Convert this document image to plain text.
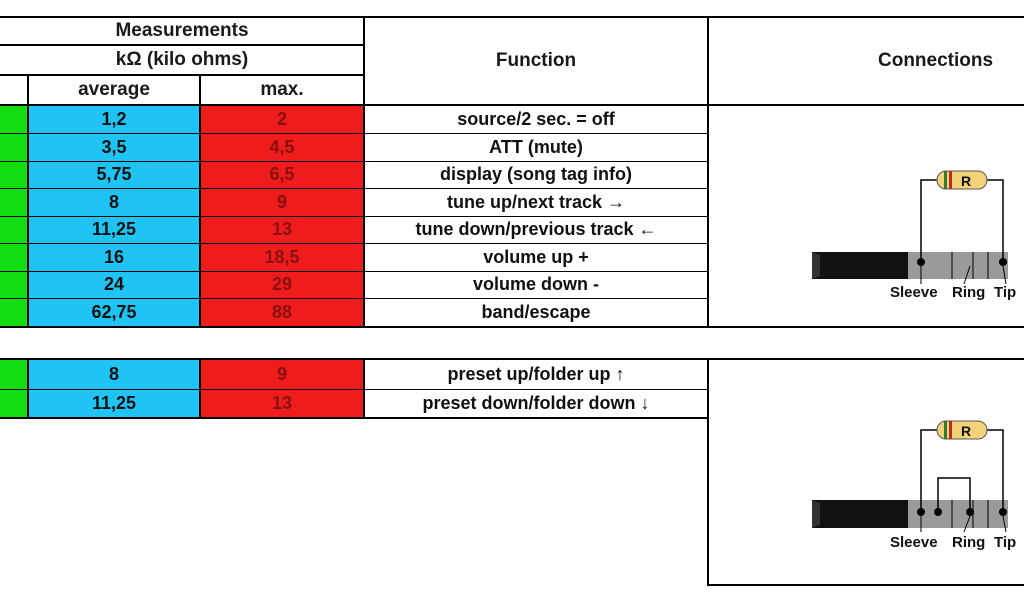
Measurements
kΩ (kilo ohms)
average	max.
Function	Connections
1,2	2	source/2 sec. = off
3,5	4,5	ATT (mute)
5,75	6,5	display (song tag info)
8	9	tune up/next track →
11,25	13	tune down/previous track ←
16	18,5	volume up +
24	29	volume down -
62,75	88	band/escape
8	9	preset up/folder up ↑
11,25	13	preset down/folder down ↓
R
Sleeve Ring Tip
R
Sleeve Ring Tip
